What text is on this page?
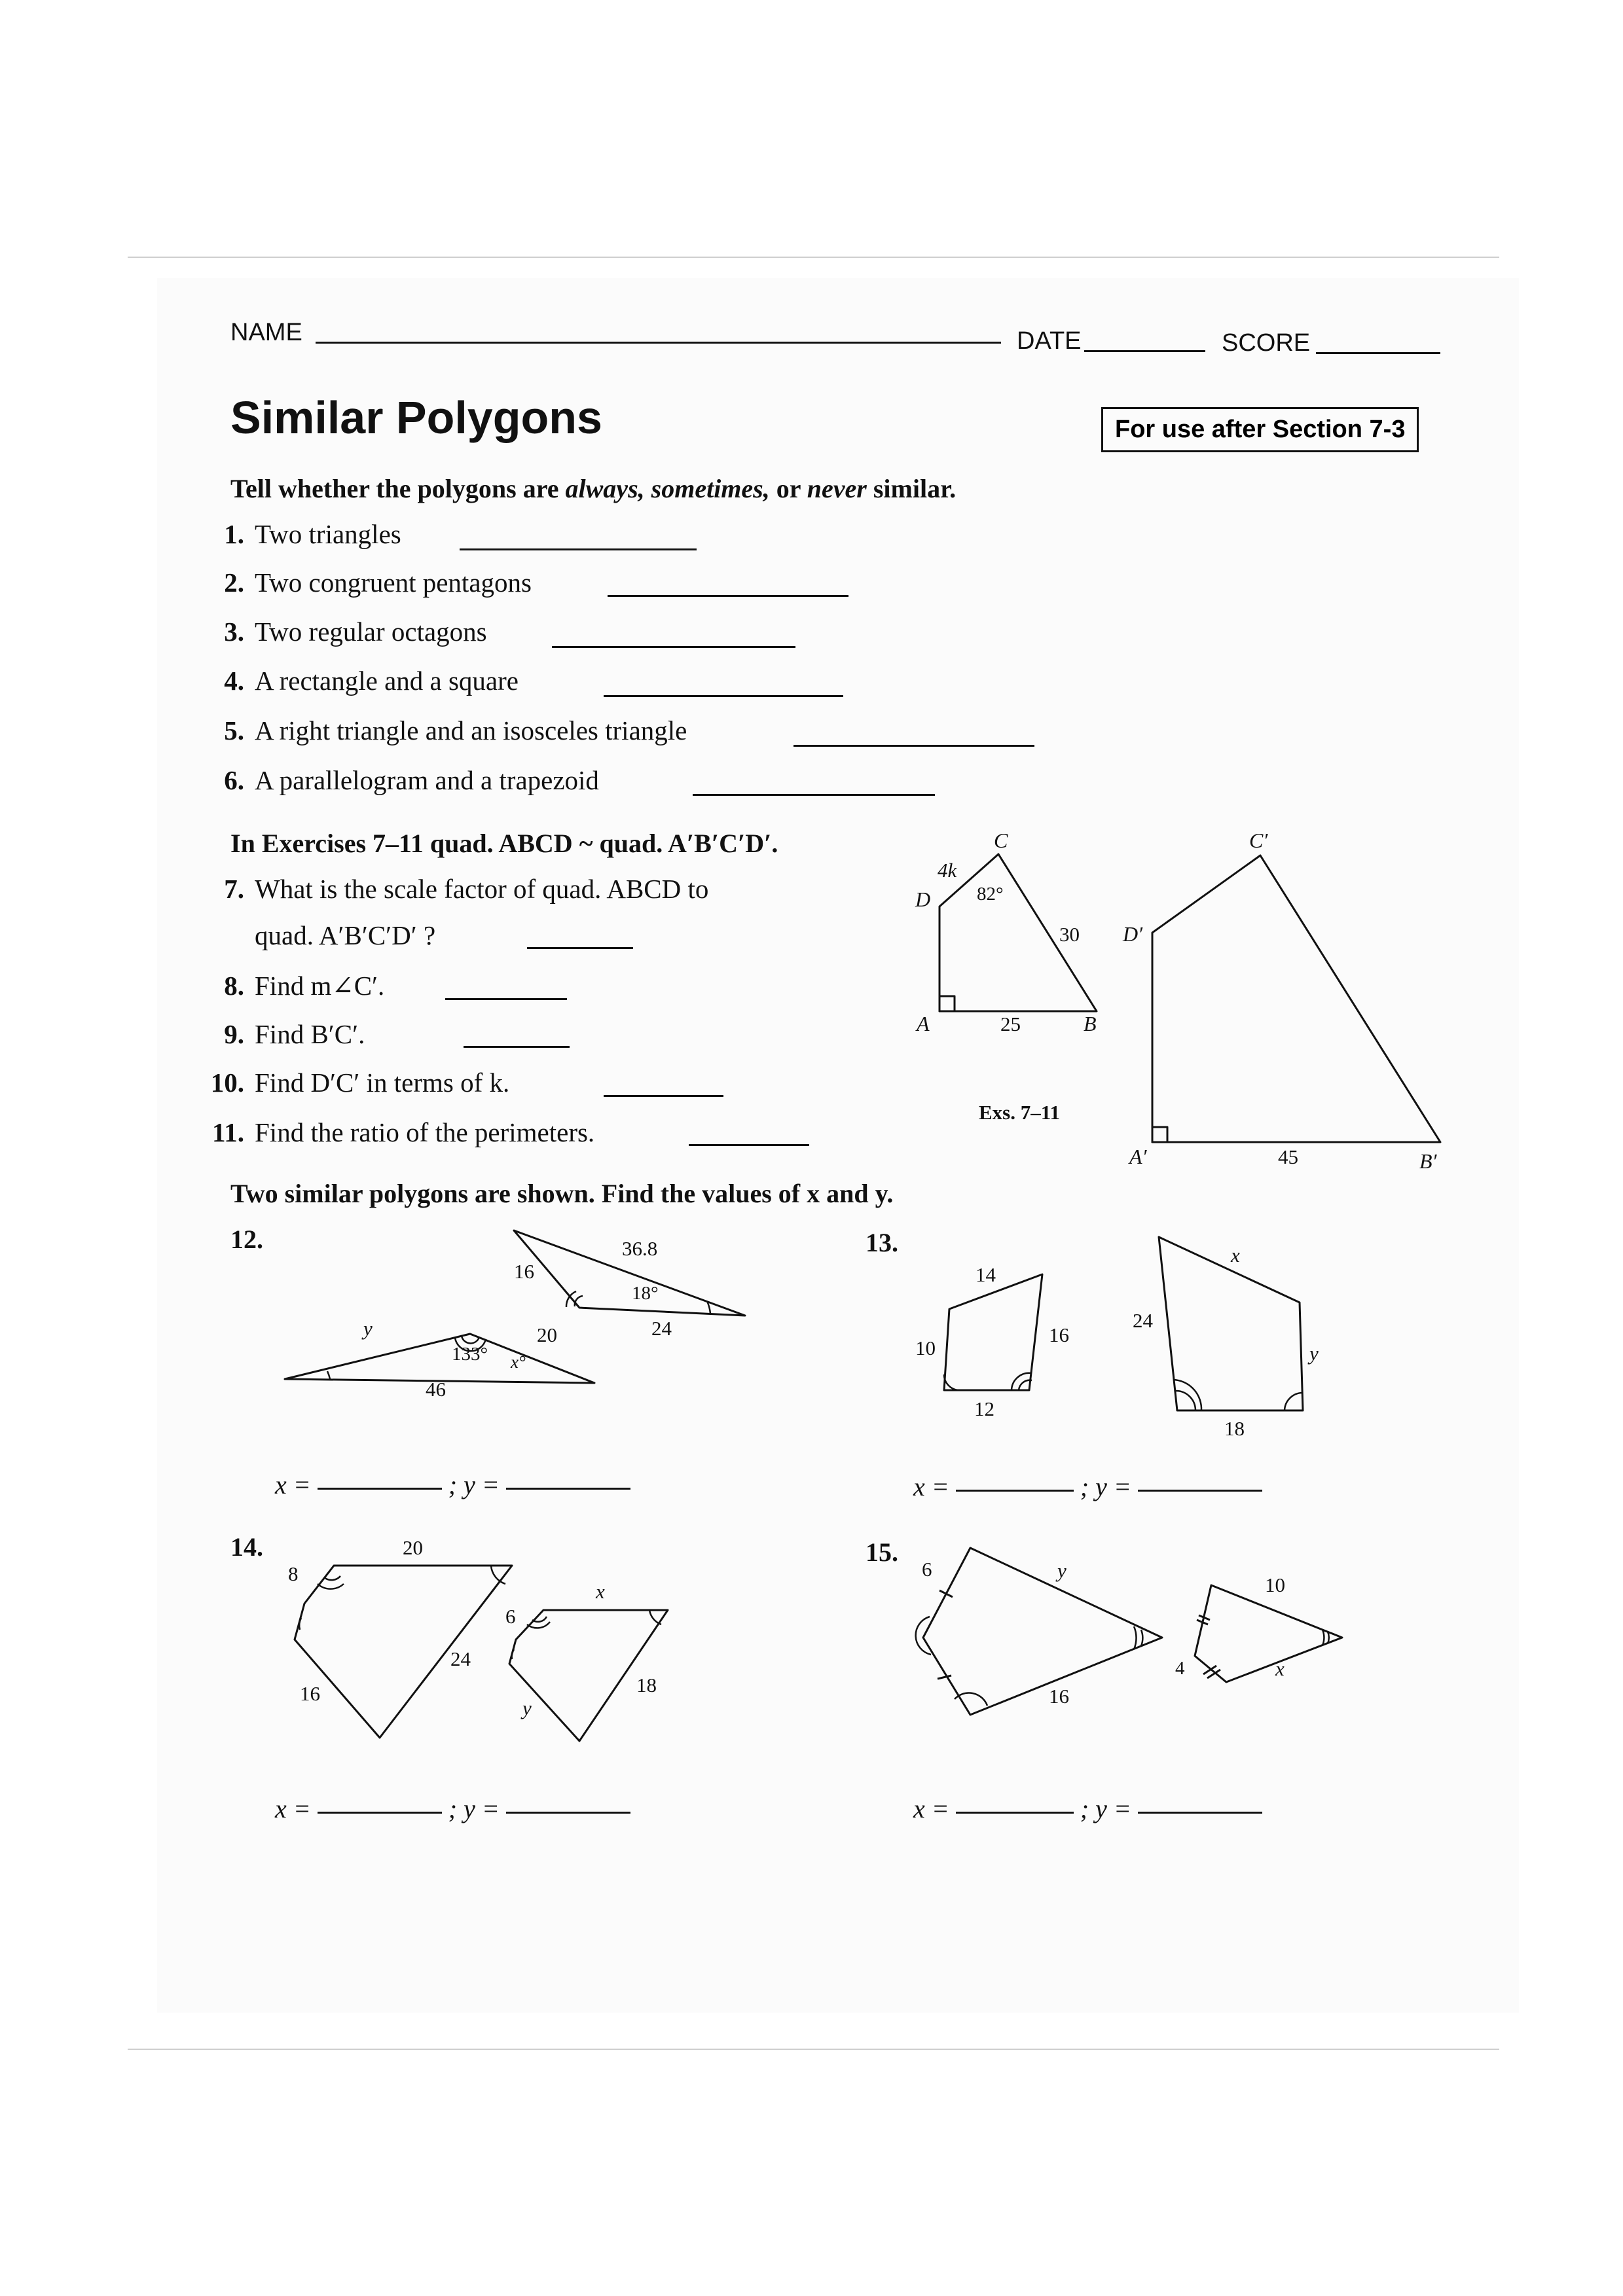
NAME	DATE	SCORE
Similar Polygons	For use after Section 7-3
Tell whether the polygons are always, sometimes, or never similar.
1. Two triangles
2. Two congruent pentagons
3. Two regular octagons
4. A rectangle and a square
5. A right triangle and an isosceles triangle
6. A parallelogram and a trapezoid
In Exercises 7–11 quad. ABCD ~ quad. A′B′C′D′.
7. What is the scale factor of quad. ABCD to
quad. A′B′C′D′ ?
8. Find m∠C′.
9. Find B′C′.
10. Find D′C′ in terms of k.
11. Find the ratio of the perimeters.
C
D
A	B
4k
82°
30
25
Exs. 7–11
C′
D′
A′	B′
45
Two similar polygons are shown. Find the values of x and y.
12.	36.8
16
18°
24
y
133°
20
x°
46
x =	; y =
13.
14
10
16
12
x
24
y
18
x =	; y =
14.	20
8
16
24
6
x
18
y
x =	; y =
15.
6	y
16
10
4	x
x =	; y =
